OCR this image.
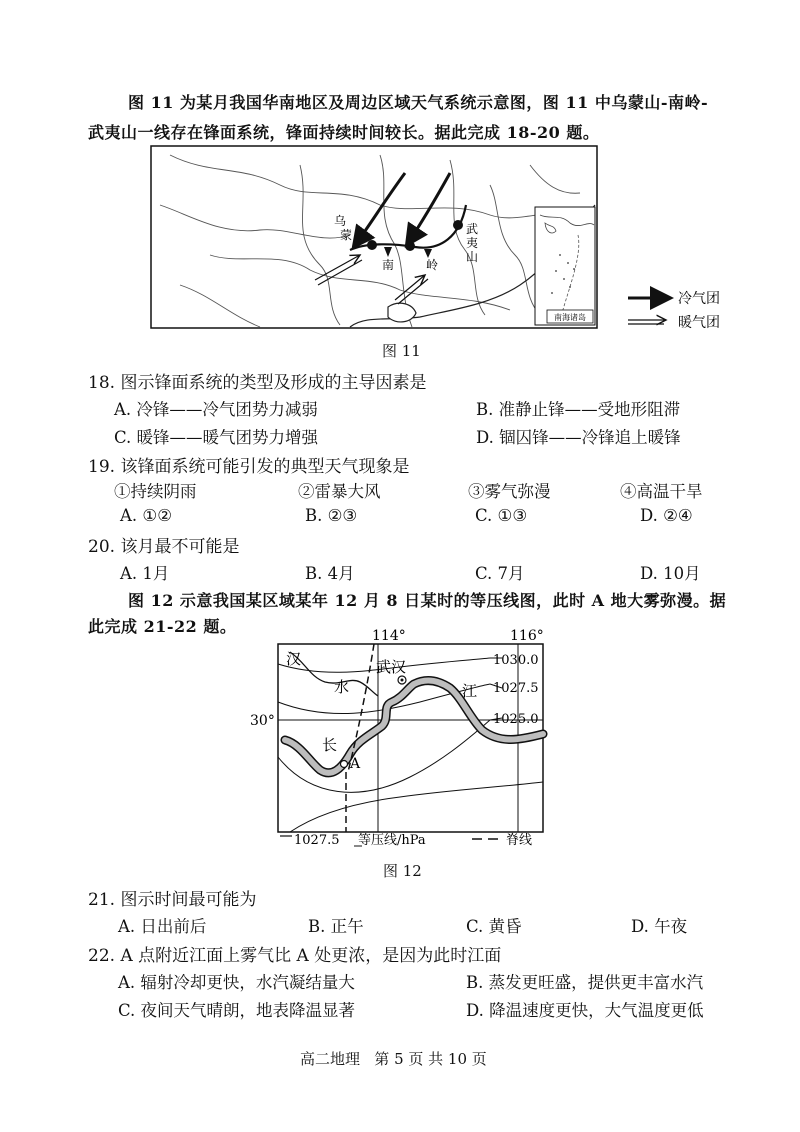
图 11 为某月我国华南地区及周边区域天气系统示意图，图 11 中乌蒙山-南岭-
武夷山一线存在锋面系统，锋面持续时间较长。据此完成 18-20 题。
乌
蒙
南	岭
武
夷
山
南海诸岛
冷气团
暖气团
图 11
18. 图示锋面系统的类型及形成的主导因素是
A. 冷锋——冷气团势力减弱	B. 准静止锋——受地形阻滞
C. 暖锋——暖气团势力增强	D. 锢囚锋——冷锋追上暖锋
19. 该锋面系统可能引发的典型天气现象是
①持续阴雨	②雷暴大风	③雾气弥漫	④高温干旱
A. ①②	B. ②③	C. ①③	D. ②④
20. 该月最不可能是
A. 1月	B. 4月	C. 7月	D. 10月
图 12 示意我国某区域某年 12 月 8 日某时的等压线图，此时 A 地大雾弥漫。据
此完成 21-22 题。	114°	116°
30°
1030.0
1027.5
1025.0
汉
水
武汉
江
长
A
1027.5 等压线/hPa	脊线
图 12
21. 图示时间最可能为
A. 日出前后	B. 正午	C. 黄昏	D. 午夜
22. A 点附近江面上雾气比 A 处更浓，是因为此时江面
A. 辐射冷却更快，水汽凝结量大	B. 蒸发更旺盛，提供更丰富水汽
C. 夜间天气晴朗，地表降温显著	D. 降温速度更快，大气温度更低
高二地理   第 5 页 共 10 页
